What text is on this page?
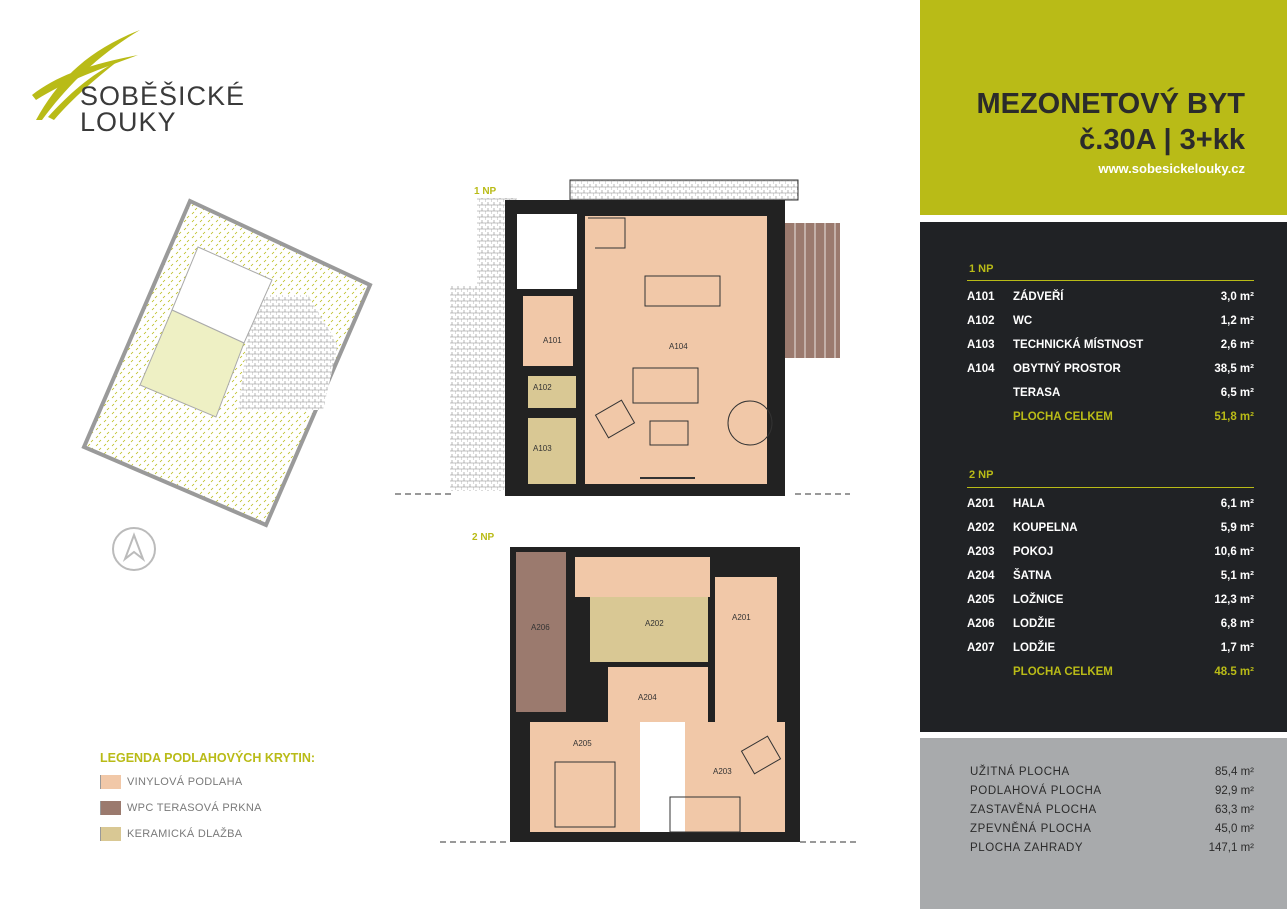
SOBĚŠICKÉ
LOUKY
1 NP
A101
A102
A103
A104
2 NP
A201
A202
A203
A204
A205
A206
LEGENDA PODLAHOVÝCH KRYTIN:
VINYLOVÁ PODLAHA
WPC TERASOVÁ PRKNA
KERAMICKÁ DLAŽBA
MEZONETOVÝ BYT
č.30A | 3+kk
www.sobesickelouky.cz
1 NP
A101 ZÁDVEŘÍ	3,0 m²
A102 WC	1,2 m²
A103 TECHNICKÁ MÍSTNOST	2,6 m²
A104 OBYTNÝ PROSTOR	38,5 m²
TERASA	6,5 m²
PLOCHA CELKEM	51,8 m²
2 NP
A201 HALA	6,1 m²
A202 KOUPELNA	5,9 m²
A203 POKOJ	10,6 m²
A204 ŠATNA	5,1 m²
A205 LOŽNICE	12,3 m²
A206 LODŽIE	6,8 m²
A207 LODŽIE	1,7 m²
PLOCHA CELKEM	48.5 m²
UŽITNÁ PLOCHA	85,4 m²
PODLAHOVÁ PLOCHA	92,9 m²
ZASTAVĚNÁ PLOCHA	63,3 m²
ZPEVNĚNÁ PLOCHA	45,0 m²
PLOCHA ZAHRADY	147,1 m²
